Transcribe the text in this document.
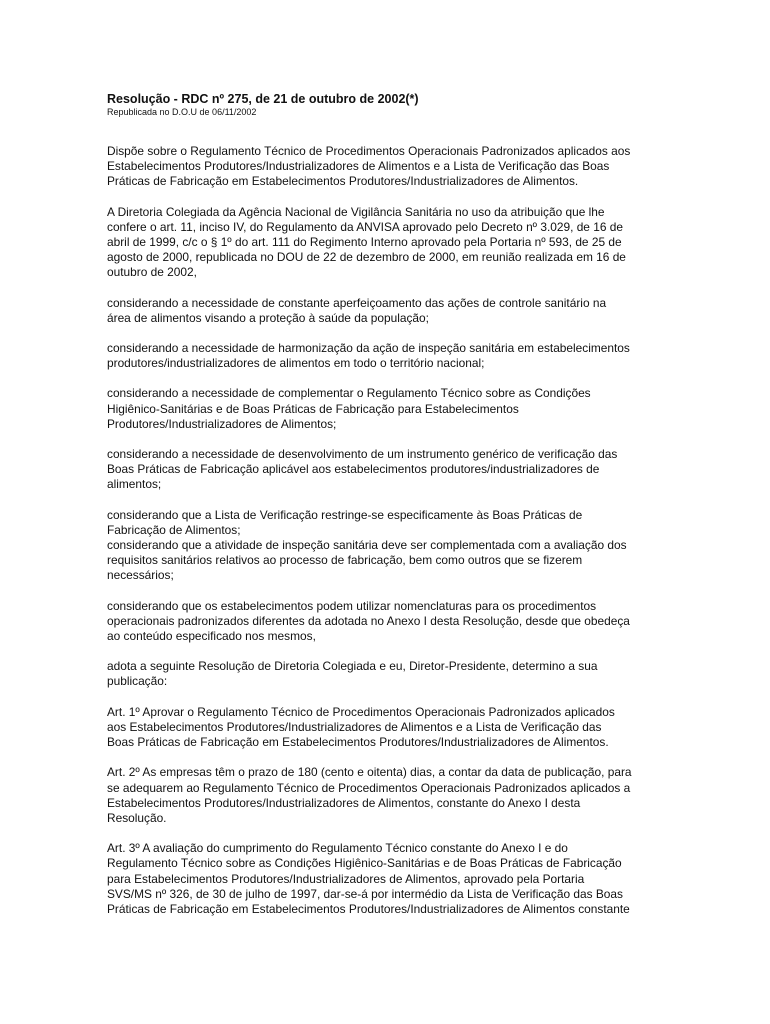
Resolução - RDC nº 275, de 21 de outubro de 2002(*)
Republicada no D.O.U de 06/11/2002

Dispõe sobre o Regulamento Técnico de Procedimentos Operacionais Padronizados aplicados aos
Estabelecimentos Produtores/Industrializadores de Alimentos e a Lista de Verificação das Boas
Práticas de Fabricação em Estabelecimentos Produtores/Industrializadores de Alimentos.

A Diretoria Colegiada da Agência Nacional de Vigilância Sanitária no uso da atribuição que lhe
confere o art. 11, inciso IV, do Regulamento da ANVISA aprovado pelo Decreto nº 3.029, de 16 de
abril de 1999, c/c o § 1º do art. 111 do Regimento Interno aprovado pela Portaria nº 593, de 25 de
agosto de 2000, republicada no DOU de 22 de dezembro de 2000, em reunião realizada em 16 de
outubro de 2002,

considerando a necessidade de constante aperfeiçoamento das ações de controle sanitário na
área de alimentos visando a proteção à saúde da população;

considerando a necessidade de harmonização da ação de inspeção sanitária em estabelecimentos
produtores/industrializadores de alimentos em todo o território nacional;

considerando a necessidade de complementar o Regulamento Técnico sobre as Condições
Higiênico-Sanitárias e de Boas Práticas de Fabricação para Estabelecimentos
Produtores/Industrializadores de Alimentos;

considerando a necessidade de desenvolvimento de um instrumento genérico de verificação das
Boas Práticas de Fabricação aplicável aos estabelecimentos produtores/industrializadores de
alimentos;

considerando que a Lista de Verificação restringe-se especificamente às Boas Práticas de
Fabricação de Alimentos;

considerando que a atividade de inspeção sanitária deve ser complementada com a avaliação dos
requisitos sanitários relativos ao processo de fabricação, bem como outros que se fizerem
necessários;

considerando que os estabelecimentos podem utilizar nomenclaturas para os procedimentos
operacionais padronizados diferentes da adotada no Anexo I desta Resolução, desde que obedeça
ao conteúdo especificado nos mesmos,

adota a seguinte Resolução de Diretoria Colegiada e eu, Diretor-Presidente, determino a sua
publicação:

Art. 1º Aprovar o Regulamento Técnico de Procedimentos Operacionais Padronizados aplicados
aos Estabelecimentos Produtores/Industrializadores de Alimentos e a Lista de Verificação das
Boas Práticas de Fabricação em Estabelecimentos Produtores/Industrializadores de Alimentos.

Art. 2º As empresas têm o prazo de 180 (cento e oitenta) dias, a contar da data de publicação, para
se adequarem ao Regulamento Técnico de Procedimentos Operacionais Padronizados aplicados a
Estabelecimentos Produtores/Industrializadores de Alimentos, constante do Anexo I desta
Resolução.

Art. 3º A avaliação do cumprimento do Regulamento Técnico constante do Anexo I e do
Regulamento Técnico sobre as Condições Higiênico-Sanitárias e de Boas Práticas de Fabricação
para Estabelecimentos Produtores/Industrializadores de Alimentos, aprovado pela Portaria
SVS/MS nº 326, de 30 de julho de 1997, dar-se-á por intermédio da Lista de Verificação das Boas
Práticas de Fabricação em Estabelecimentos Produtores/Industrializadores de Alimentos constante
